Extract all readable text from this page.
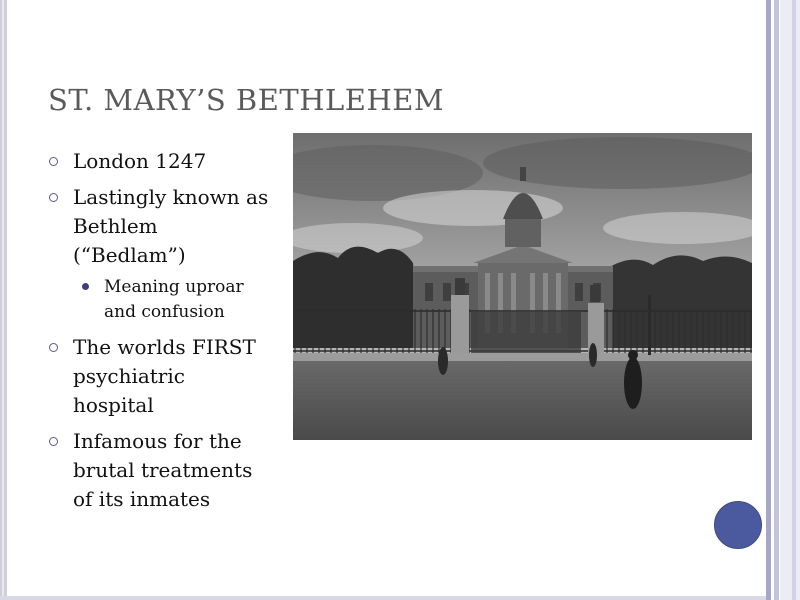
ST. MARY’S BETHLEHEM
London 1247
Lastingly known as
Bethlem
(“Bedlam”)
Meaning uproar
and confusion
The worlds FIRST
psychiatric
hospital
Infamous for the
brutal treatments
of its inmates
